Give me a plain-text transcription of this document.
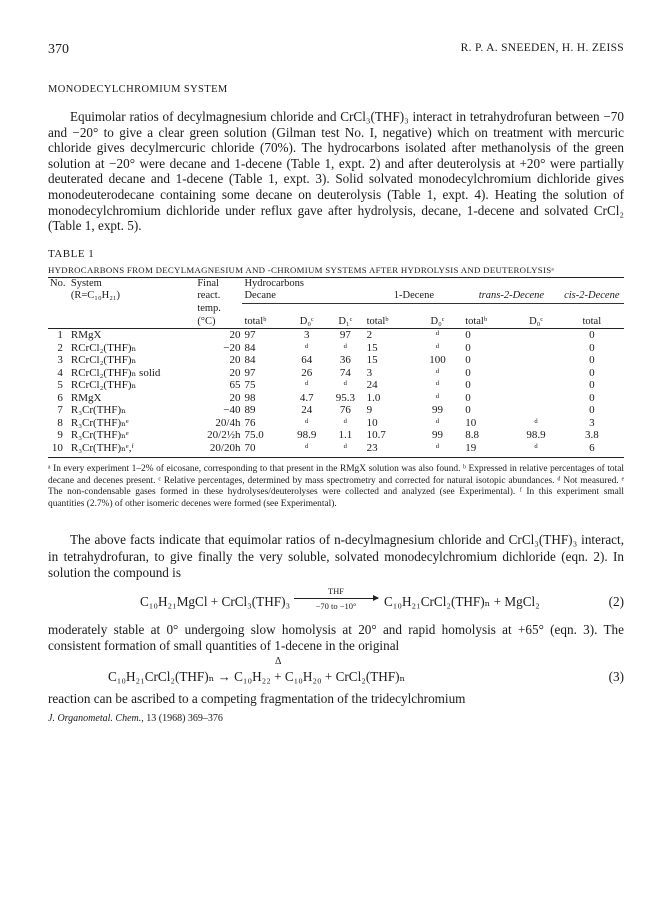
370	R. P. A. SNEEDEN, H. H. ZEISS
MONODECYLCHROMIUM SYSTEM

Equimolar ratios of decylmagnesium chloride and CrCl₃(THF)₃ interact in tetrahydrofuran between −70 and −20° to give a clear green solution (Gilman test No. I, negative) which on treatment with mercuric chloride gives decylmercuric chloride (70%). The hydrocarbons isolated after methanolysis of the green solution at −20° were decane and 1-decene (Table 1, expt. 2) and after deuterolysis at +20° were partially deuterated decane and 1-decene (Table 1, expt. 3). Solid solvated monodecylchromium dichloride gives monodeuterodecane containing some decane on deuterolysis (Table 1, expt. 4). Heating the solution of monodecylchromium dichloride under reflux gave after hydrolysis, decane, 1-decene and solvated CrCl₂ (Table 1, expt. 5).

TABLE 1
HYDROCARBONS FROM DECYLMAGNESIUM AND -CHROMIUM SYSTEMS AFTER HYDROLYSIS AND DEUTEROLYSISᵃ
No.	System	Final	Hydrocarbons							
	(R=C₁₀H₂₁)	react.	Decane			1-Decene		trans-2-Decene		cis-2-Decene
		temp.								
		(°C)	totalᵇ	D₀ᶜ	D₁ᶜ	totalᵇ	D₀ᶜ	totalᵇ	D₀ᶜ	total
1	RMgX	20	97	3	97	2	ᵈ	0		0
2	RCrCl₂(THF)ₙ	−20	84	ᵈ	ᵈ	15	ᵈ	0		0
3	RCrCl₂(THF)ₙ	20	84	64	36	15	100	0		0
4	RCrCl₂(THF)ₙ solid	20	97	26	74	3	ᵈ	0		0
5	RCrCl₂(THF)ₙ	65	75	ᵈ	ᵈ	24	ᵈ	0		0
6	RMgX	20	98	4.7	95.3	1.0	ᵈ	0		0
7	R₃Cr(THF)ₙ	−40	89	24	76	9	99	0		0
8	R₃Cr(THF)ₙᵉ	20/4h	76	ᵈ	ᵈ	10	ᵈ	10	ᵈ	3
9	R₃Cr(THF)ₙᵉ	20/2½h	75.0	98.9	1.1	10.7	99	8.8	98.9	3.8
10	R₃Cr(THF)ₙᵉ,ᶠ	20/20h	70	ᵈ	ᵈ	23	ᵈ	19	ᵈ	6

ᵃ In every experiment 1–2% of eicosane, corresponding to that present in the RMgX solution was also found. ᵇ Expressed in relative percentages of total decane and decenes present. ᶜ Relative percentages, determined by mass spectrometry and corrected for natural isotopic abundances. ᵈ Not measured. ᵉ The non-condensable gases formed in these hydrolyses/deuterolyses were collected and analyzed (see Experimental). ᶠ In this experiment small quantities (2.7%) of other isomeric decenes were formed (see Experimental).

The above facts indicate that equimolar ratios of n-decylmagnesium chloride and CrCl₃(THF)₃ interact, in tetrahydrofuran, to give finally the very soluble, solvated monodecylchromium dichloride (eqn. 2). In solution the compound is
C₁₀H₂₁MgCl + CrCl₃(THF)₃
THF
−70 to −10°	C₁₀H₂₁CrCl₂(THF)ₙ + MgCl₂	(2)
moderately stable at 0° undergoing slow homolysis at 20° and rapid homolysis at +65° (eqn. 3). The consistent formation of small quantities of 1-decene in the original
Δ
C₁₀H₂₁CrCl₂(THF)ₙ → C₁₀H₂₂ + C₁₀H₂₀ + CrCl₂(THF)ₙ	(3)
reaction can be ascribed to a competing fragmentation of the tridecylchromium
J. Organometal. Chem., 13 (1968) 369–376
